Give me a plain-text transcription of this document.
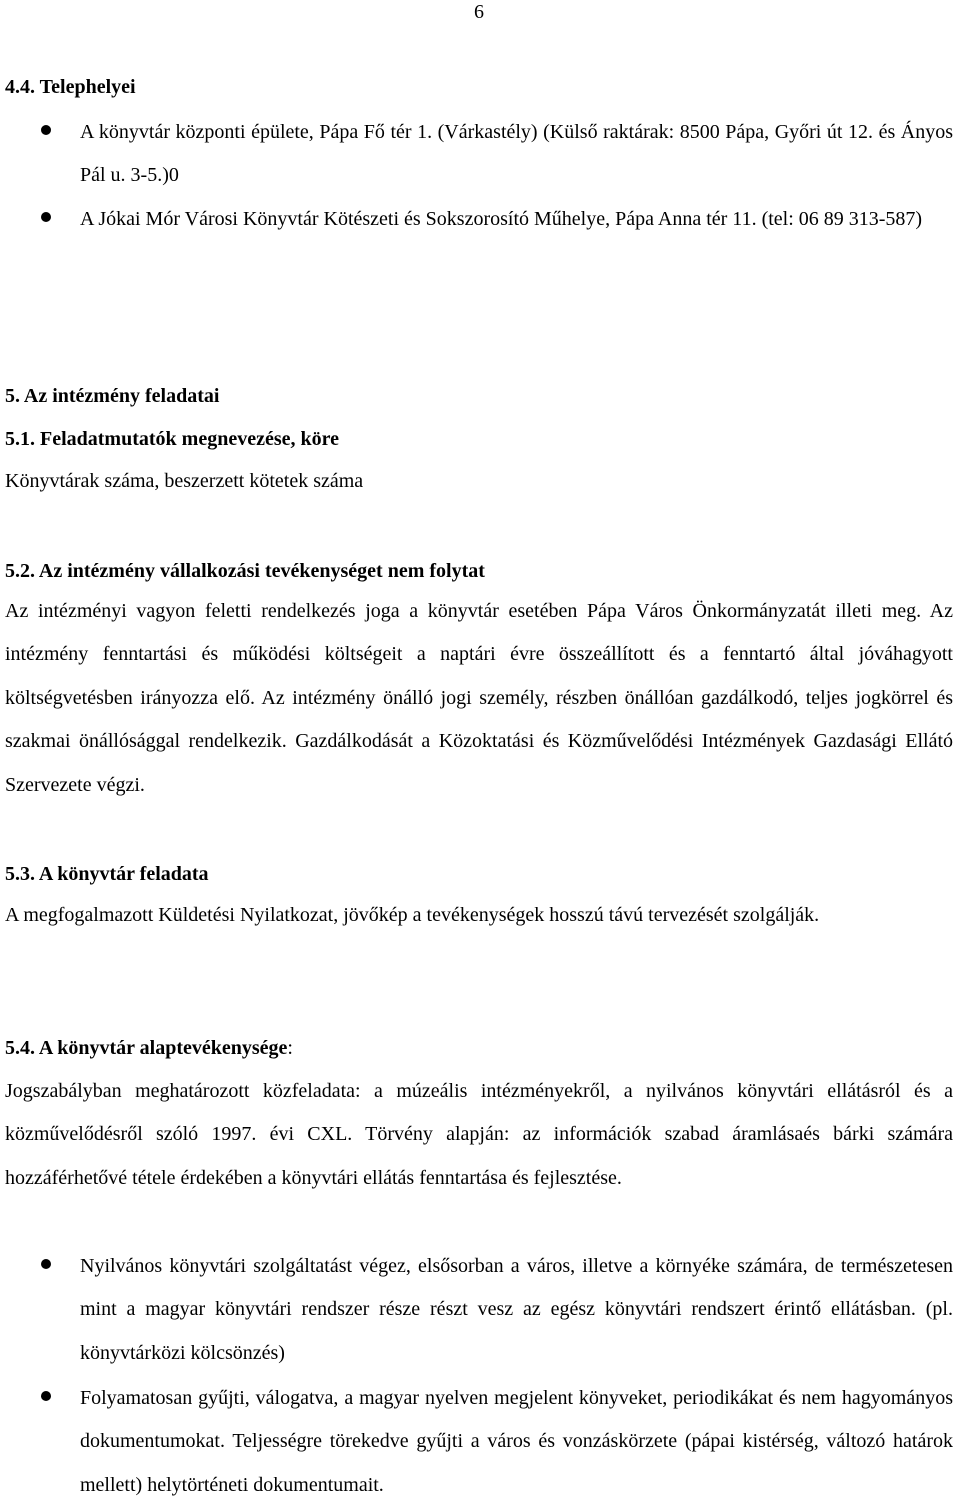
6
4.4. Telephelyei
A könyvtár központi épülete, Pápa Fő tér 1. (Várkastély) (Külső raktárak: 8500 Pápa, Győri út 12. és Ányos Pál u. 3-5.)0
A Jókai Mór Városi Könyvtár Kötészeti és Sokszorosító Műhelye, Pápa Anna tér 11. (tel: 06 89 313-587)
5. Az intézmény feladatai
5.1. Feladatmutatók megnevezése, köre
Könyvtárak száma, beszerzett kötetek száma
5.2. Az intézmény vállalkozási tevékenységet nem folytat
Az intézményi vagyon feletti rendelkezés joga a könyvtár esetében Pápa Város Önkormányzatát illeti meg. Az intézmény fenntartási és működési költségeit a naptári évre összeállított és a fenntartó által jóváhagyott költségvetésben irányozza elő. Az intézmény önálló jogi személy, részben önállóan gazdálkodó, teljes jogkörrel és szakmai önállósággal rendelkezik. Gazdálkodását a Közoktatási és Közművelődési Intézmények Gazdasági Ellátó Szervezete végzi.
5.3. A könyvtár feladata
A megfogalmazott Küldetési Nyilatkozat, jövőkép a tevékenységek hosszú távú tervezését szolgálják.
5.4. A könyvtár alaptevékenysége:
Jogszabályban meghatározott közfeladata: a múzeális intézményekről, a nyilvános könyvtári ellátásról és a közművelődésről szóló 1997. évi CXL. Törvény alapján: az információk szabad áramlásaés bárki számára hozzáférhetővé tétele érdekében a könyvtári ellátás fenntartása és fejlesztése.
Nyilvános könyvtári szolgáltatást végez, elsősorban a város, illetve a környéke számára, de természetesen mint a magyar könyvtári rendszer része részt vesz az egész könyvtári rendszert érintő ellátásban. (pl. könyvtárközi kölcsönzés)
Folyamatosan gyűjti, válogatva, a magyar nyelven megjelent könyveket, periodikákat és nem hagyományos dokumentumokat. Teljességre törekedve gyűjti a város és vonzáskörzete (pápai kistérség, változó határok mellett) helytörténeti dokumentumait.
